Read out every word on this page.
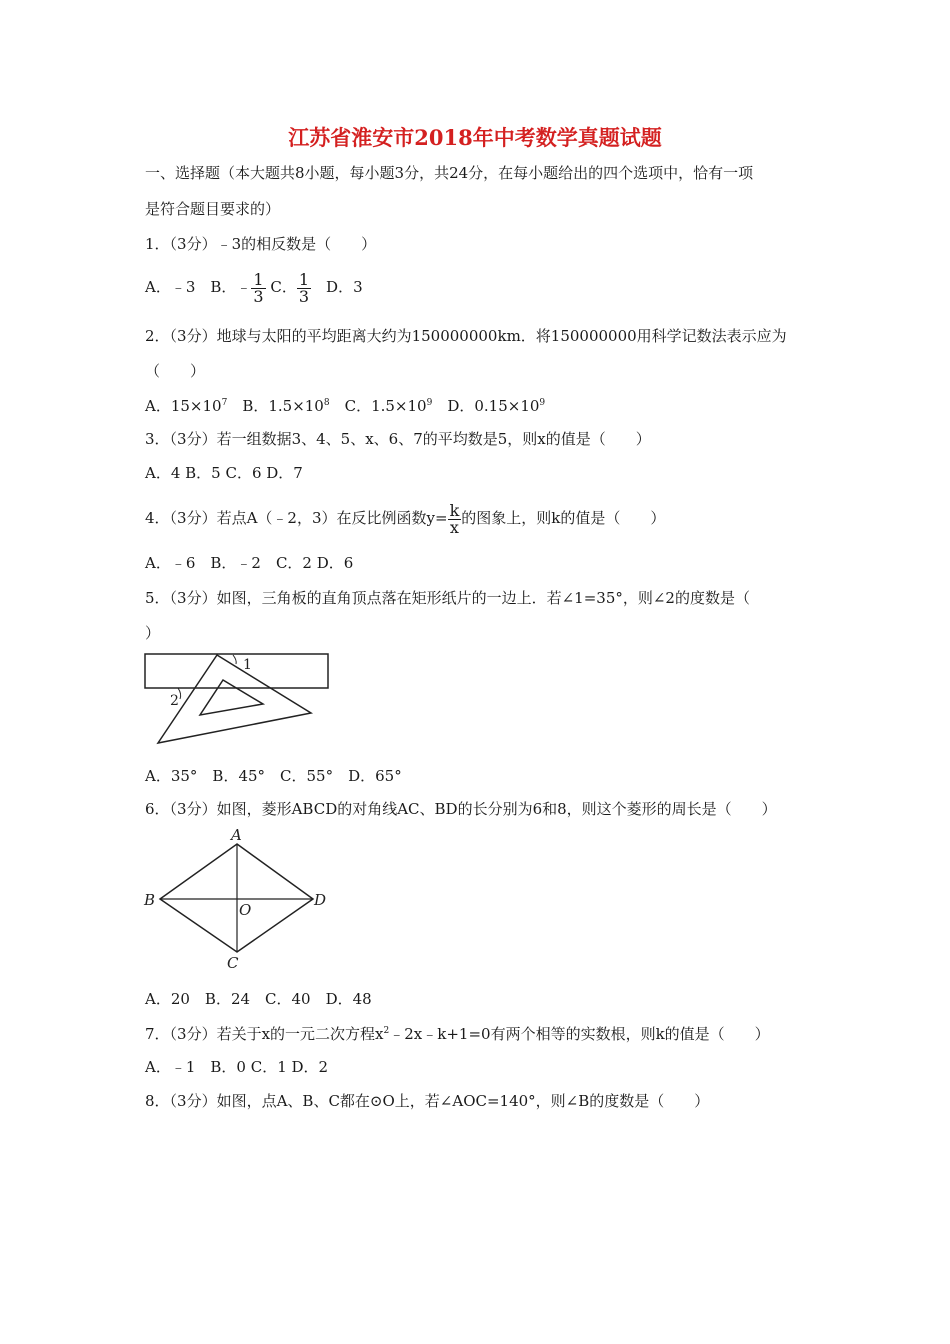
江苏省淮安市2018年中考数学真题试题
一、选择题（本大题共8小题，每小题3分，共24分，在每小题给出的四个选项中，恰有一项
是符合题目要求的）
1．（3分）﹣3的相反数是（　　）
A．﹣3　B．﹣ $\frac{1}{3}$ C． $\frac{1}{3}$ 　D．3
2．（3分）地球与太阳的平均距离大约为150000000km．将150000000用科学记数法表示应为
（　　）
A．$15\times 10^7$　B．$1.5\times 10^8$　C．$1.5\times 10^9$　D．$0.15\times 10^9$
3．（3分）若一组数据3、4、5、x、6、7的平均数是5，则x的值是（　　）
A．4 B．5 C．6 D．7
4．（3分）若点A（﹣2，3）在反比例函数$y= \frac{k}{x}$ 的图象上，则k的值是（　　）
A．﹣6　B．﹣2　C．2 D．6
5．（3分）如图，三角板的直角顶点落在矩形纸片的一边上．若∠1=35°，则∠2的度数是（
）
1
2
A．35°　B．45°　C．55°　D．65°
6．（3分）如图，菱形ABCD的对角线AC、BD的长分别为6和8，则这个菱形的周长是（　　）
A
B
C
D
O
A．20　B．24　C．40　D．48
7．（3分）若关于x的一元二次方程$x^2﹣2x﹣k+1=0$有两个相等的实数根，则k的值是（　　）
A．﹣1　B．0 C．1 D．2
8．（3分）如图，点A、B、C都在⊙O上，若∠AOC=140°，则∠B的度数是（　　）
